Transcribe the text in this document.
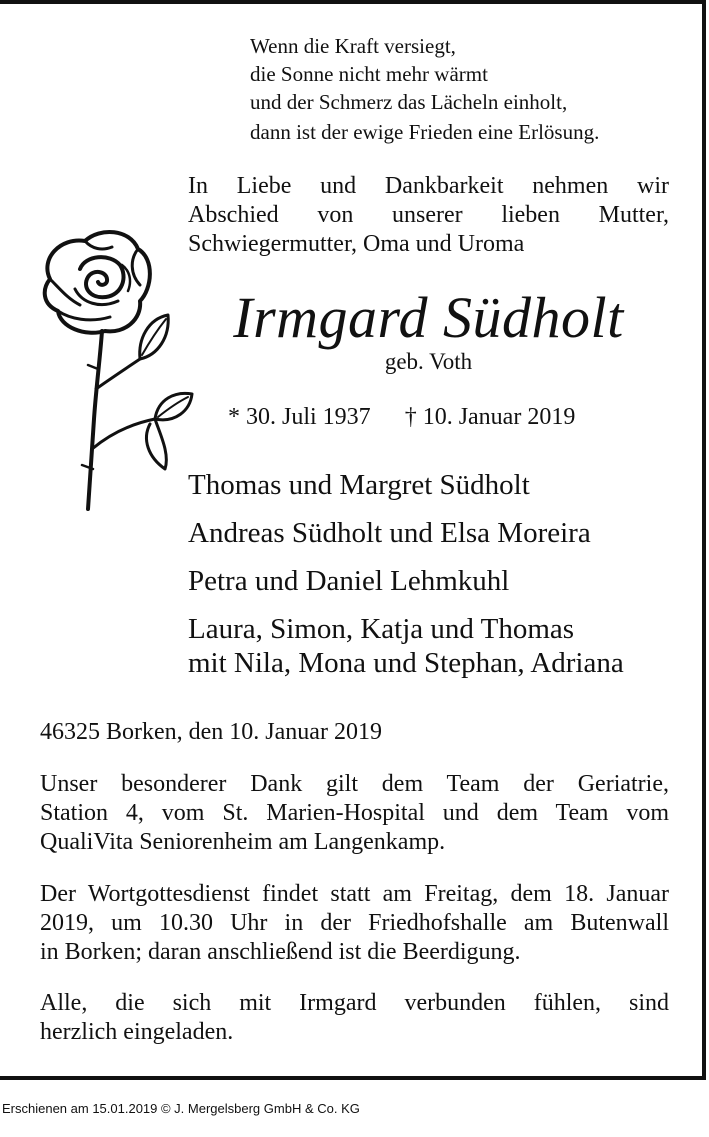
Wenn die Kraft versiegt,
die Sonne nicht mehr wärmt
und der Schmerz das Lächeln einholt,
dann ist der ewige Frieden eine Erlösung.
In Liebe und Dankbarkeit nehmen wir
Abschied von unserer lieben Mutter,
Schwiegermutter, Oma und Uroma
Irmgard Südholt
geb. Voth
* 30. Juli 1937 † 10. Januar 2019
Thomas und Margret Südholt
Andreas Südholt und Elsa Moreira
Petra und Daniel Lehmkuhl
Laura, Simon, Katja und Thomas
mit Nila, Mona und Stephan, Adriana
46325 Borken, den 10. Januar 2019
Unser besonderer Dank gilt dem Team der Geriatrie,
Station 4, vom St. Marien-Hospital und dem Team vom
QualiVita Seniorenheim am Langenkamp.
Der Wortgottesdienst findet statt am Freitag, dem 18. Januar
2019, um 10.30 Uhr in der Friedhofshalle am Butenwall
in Borken; daran anschließend ist die Beerdigung.
Alle, die sich mit Irmgard verbunden fühlen, sind
herzlich eingeladen.
Erschienen am 15.01.2019 © J. Mergelsberg GmbH & Co. KG
